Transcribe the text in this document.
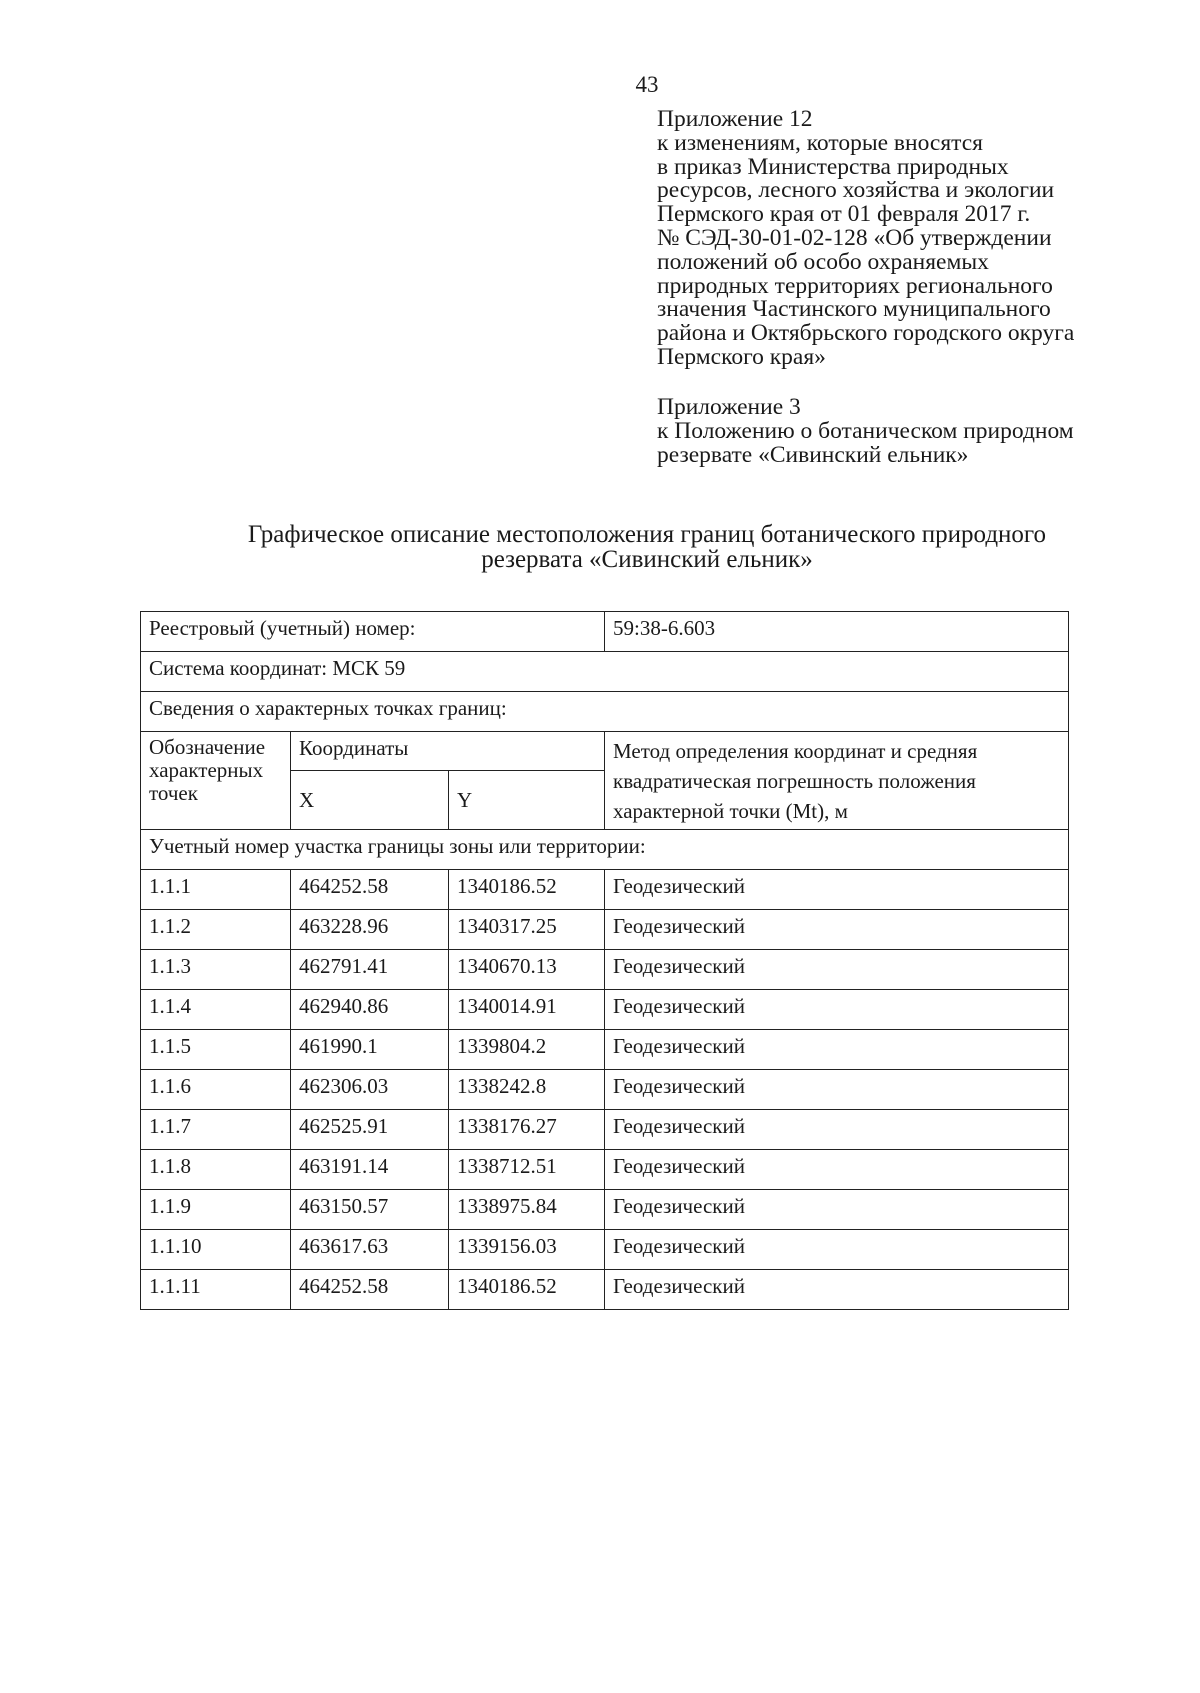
43

Приложение 12

к изменениям, которые вносятся

в приказ Министерства природных

ресурсов, лесного хозяйства и экологии

Пермского края от 01 февраля 2017 г.

№ СЭД-30-01-02-128 «Об утверждении

положений об особо охраняемых

природных территориях регионального

значения Частинского муниципального

района и Октябрьского городского округа

Пермского края»

Приложение 3

к Положению о ботаническом природном

резервате «Сивинский ельник»

Графическое описание местоположения границ ботанического природного
резервата «Сивинский ельник»
Реестровый (учетный) номер:			59:38-6.603
Система координат: МСК 59			
Сведения о характерных точках границ:			
Обозначение характерных точек	Координаты		Метод определения координат и средняя квадратическая погрешность положения характерной точки (Mt), м
	X	Y	
Учетный номер участка границы зоны или территории:			
1.1.1	464252.58	1340186.52	Геодезический
1.1.2	463228.96	1340317.25	Геодезический
1.1.3	462791.41	1340670.13	Геодезический
1.1.4	462940.86	1340014.91	Геодезический
1.1.5	461990.1	1339804.2	Геодезический
1.1.6	462306.03	1338242.8	Геодезический
1.1.7	462525.91	1338176.27	Геодезический
1.1.8	463191.14	1338712.51	Геодезический
1.1.9	463150.57	1338975.84	Геодезический
1.1.10	463617.63	1339156.03	Геодезический
1.1.11	464252.58	1340186.52	Геодезический
